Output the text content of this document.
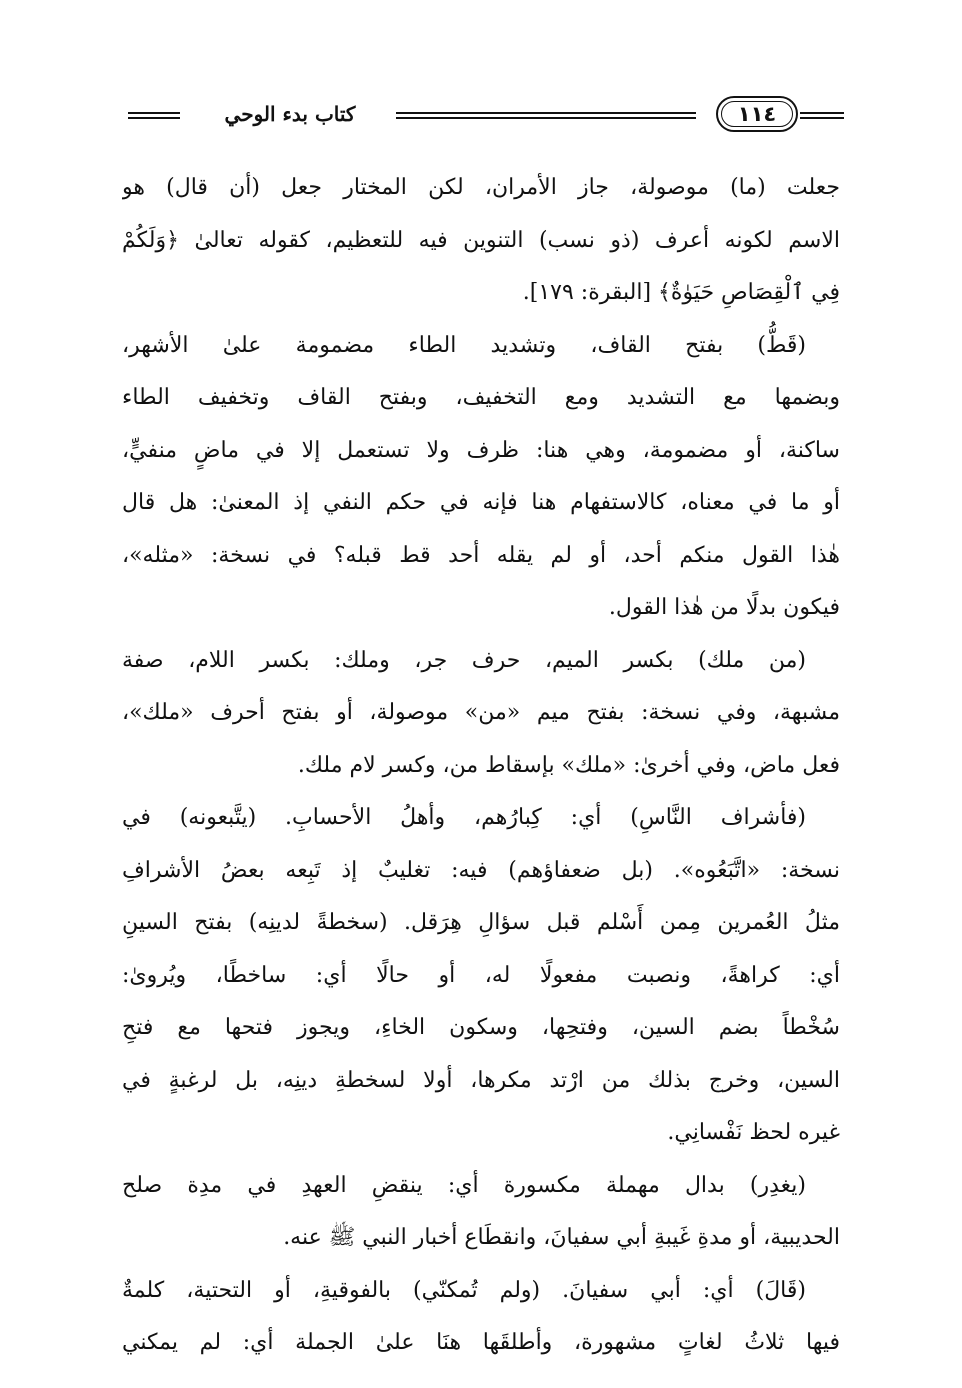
كتاب بدء الوحي	١١٤
جعلت (ما) موصولة، جاز الأمران، لكن المختار جعل (أن قال) هو
الاسم لكونه أعرف (ذو نسب) التنوين فيه للتعظيم، كقوله تعالىٰ ﴿وَلَكُمْ
فِي ٱلْقِصَاصِ حَيَوٰةٌ﴾ [البقرة: ١٧٩].
(قَطُّ) بفتح القاف، وتشديد الطاء مضمومة علىٰ الأشهر،
وبضمها مع التشديد ومع التخفيف، وبفتح القاف وتخفيف الطاء
ساكنة، أو مضمومة، وهي هنا: ظرف ولا تستعمل إلا في ماضٍ منفيٍّ،
أو ما في معناه، كالاستفهام هنا فإنه في حكم النفي إذ المعنىٰ: هل قال
هٰذا القول منكم أحد، أو لم يقله أحد قط قبله؟ في نسخة: «مثله»،
فيكون بدلًا من هٰذا القول.
(من ملك) بكسر الميم، حرف جر، وملك: بكسر اللام، صفة
مشبهة، وفي نسخة: بفتح ميم «من» موصولة، أو بفتح أحرف «ملك»،
فعل ماض، وفي أخرىٰ: «ملك» بإسقاط من، وكسر لام ملك.
(فأشراف النَّاسِ) أي: كِبارُهم، وأهلُ الأحسابِ. (يتَّبعونه) في
نسخة: «اتَّبَعُوه». (بل ضعفاؤهم) فيه: تغليبٌ إذ تَبِعه بعضُ الأشرافِ
مثلُ العُمرين مِمن أَسْلم قبل سؤالِ هِرَقل. (سخطةً لدينِه) بفتح السينِ
أي: كراهةً، ونصبت مفعولًا له، أو حالًا أي: ساخطًا، ويُروىٰ:
سُخْطاً بضم السين، وفتحِها، وسكون الخاءِ، ويجوز فتحها مع فتحِ
السين، وخرج بذلك من ارْتد مكرها، أولا لسخطةِ دينِه، بل لرغبةٍ في
غيره لحظ نَفْسانِي.
(يغدِر) بدال مهملة مكسورة أي: ينقضِ العهدِ في مدِة صلح
الحديبية، أو مدةِ غَيبةِ أبي سفيانَ، وانقطَاع أخبار النبي ﷺ عنه.
(قَالَ) أي: أبي سفيانَ. (ولم تُمكنّي) بالفوقيةِ، أو التحتية، كلمةٌ
فيها ثلاثُ لغاتٍ مشهورة، وأطلقَها هنَا علىٰ الجملة أي: لم يمكني
